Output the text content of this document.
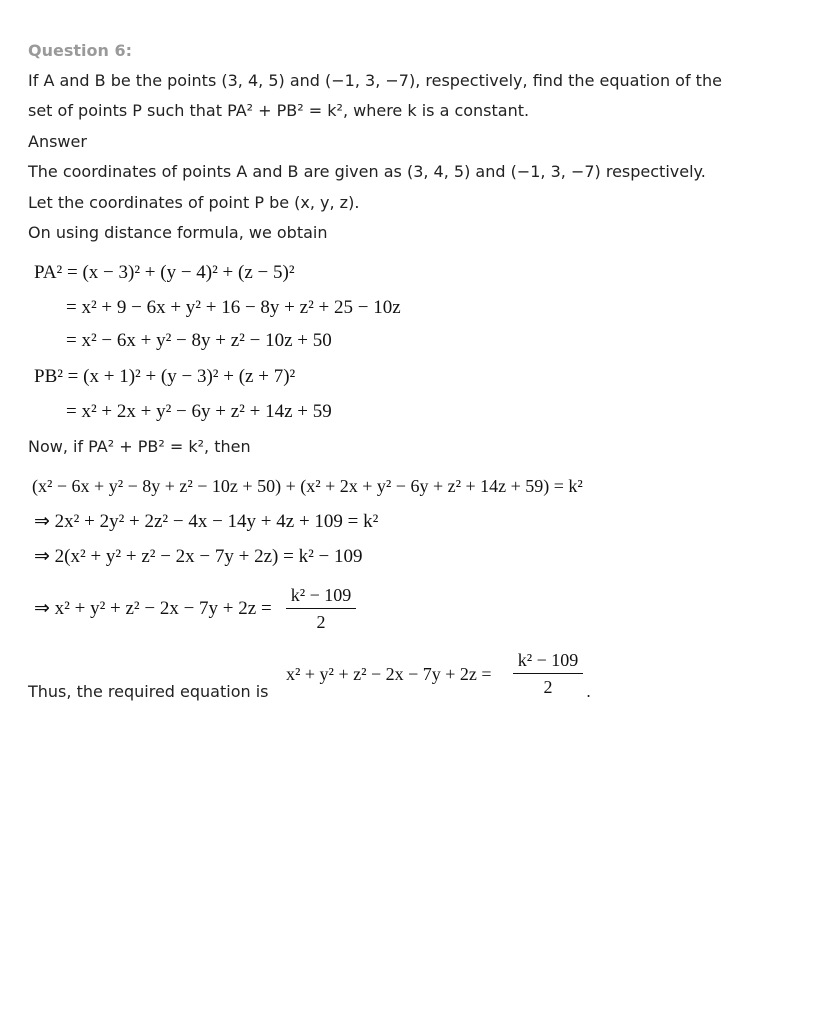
Question 6:
If A and B be the points (3, 4, 5) and (−1, 3, −7), respectively, find the equation of the
set of points P such that PA² + PB² = k², where k is a constant.
Answer
The coordinates of points A and B are given as (3, 4, 5) and (−1, 3, −7) respectively.
Let the coordinates of point P be (x, y, z).
On using distance formula, we obtain
PA² = (x − 3)² + (y − 4)² + (z − 5)²
= x² + 9 − 6x + y² + 16 − 8y + z² + 25 − 10z
= x² − 6x + y² − 8y + z² − 10z + 50
PB² = (x + 1)² + (y − 3)² + (z + 7)²
= x² + 2x + y² − 6y + z² + 14z + 59
Now, if PA² + PB² = k², then
(x² − 6x + y² − 8y + z² − 10z + 50) + (x² + 2x + y² − 6y + z² + 14z + 59) = k²
⇒ 2x² + 2y² + 2z² − 4x − 14y + 4z + 109 = k²
⇒ 2(x² + y² + z² − 2x − 7y + 2z) = k² − 109
⇒ x² + y² + z² − 2x − 7y + 2z =
k² − 109
2
x² + y² + z² − 2x − 7y + 2z =
k² − 109
2
Thus, the required equation is	.
